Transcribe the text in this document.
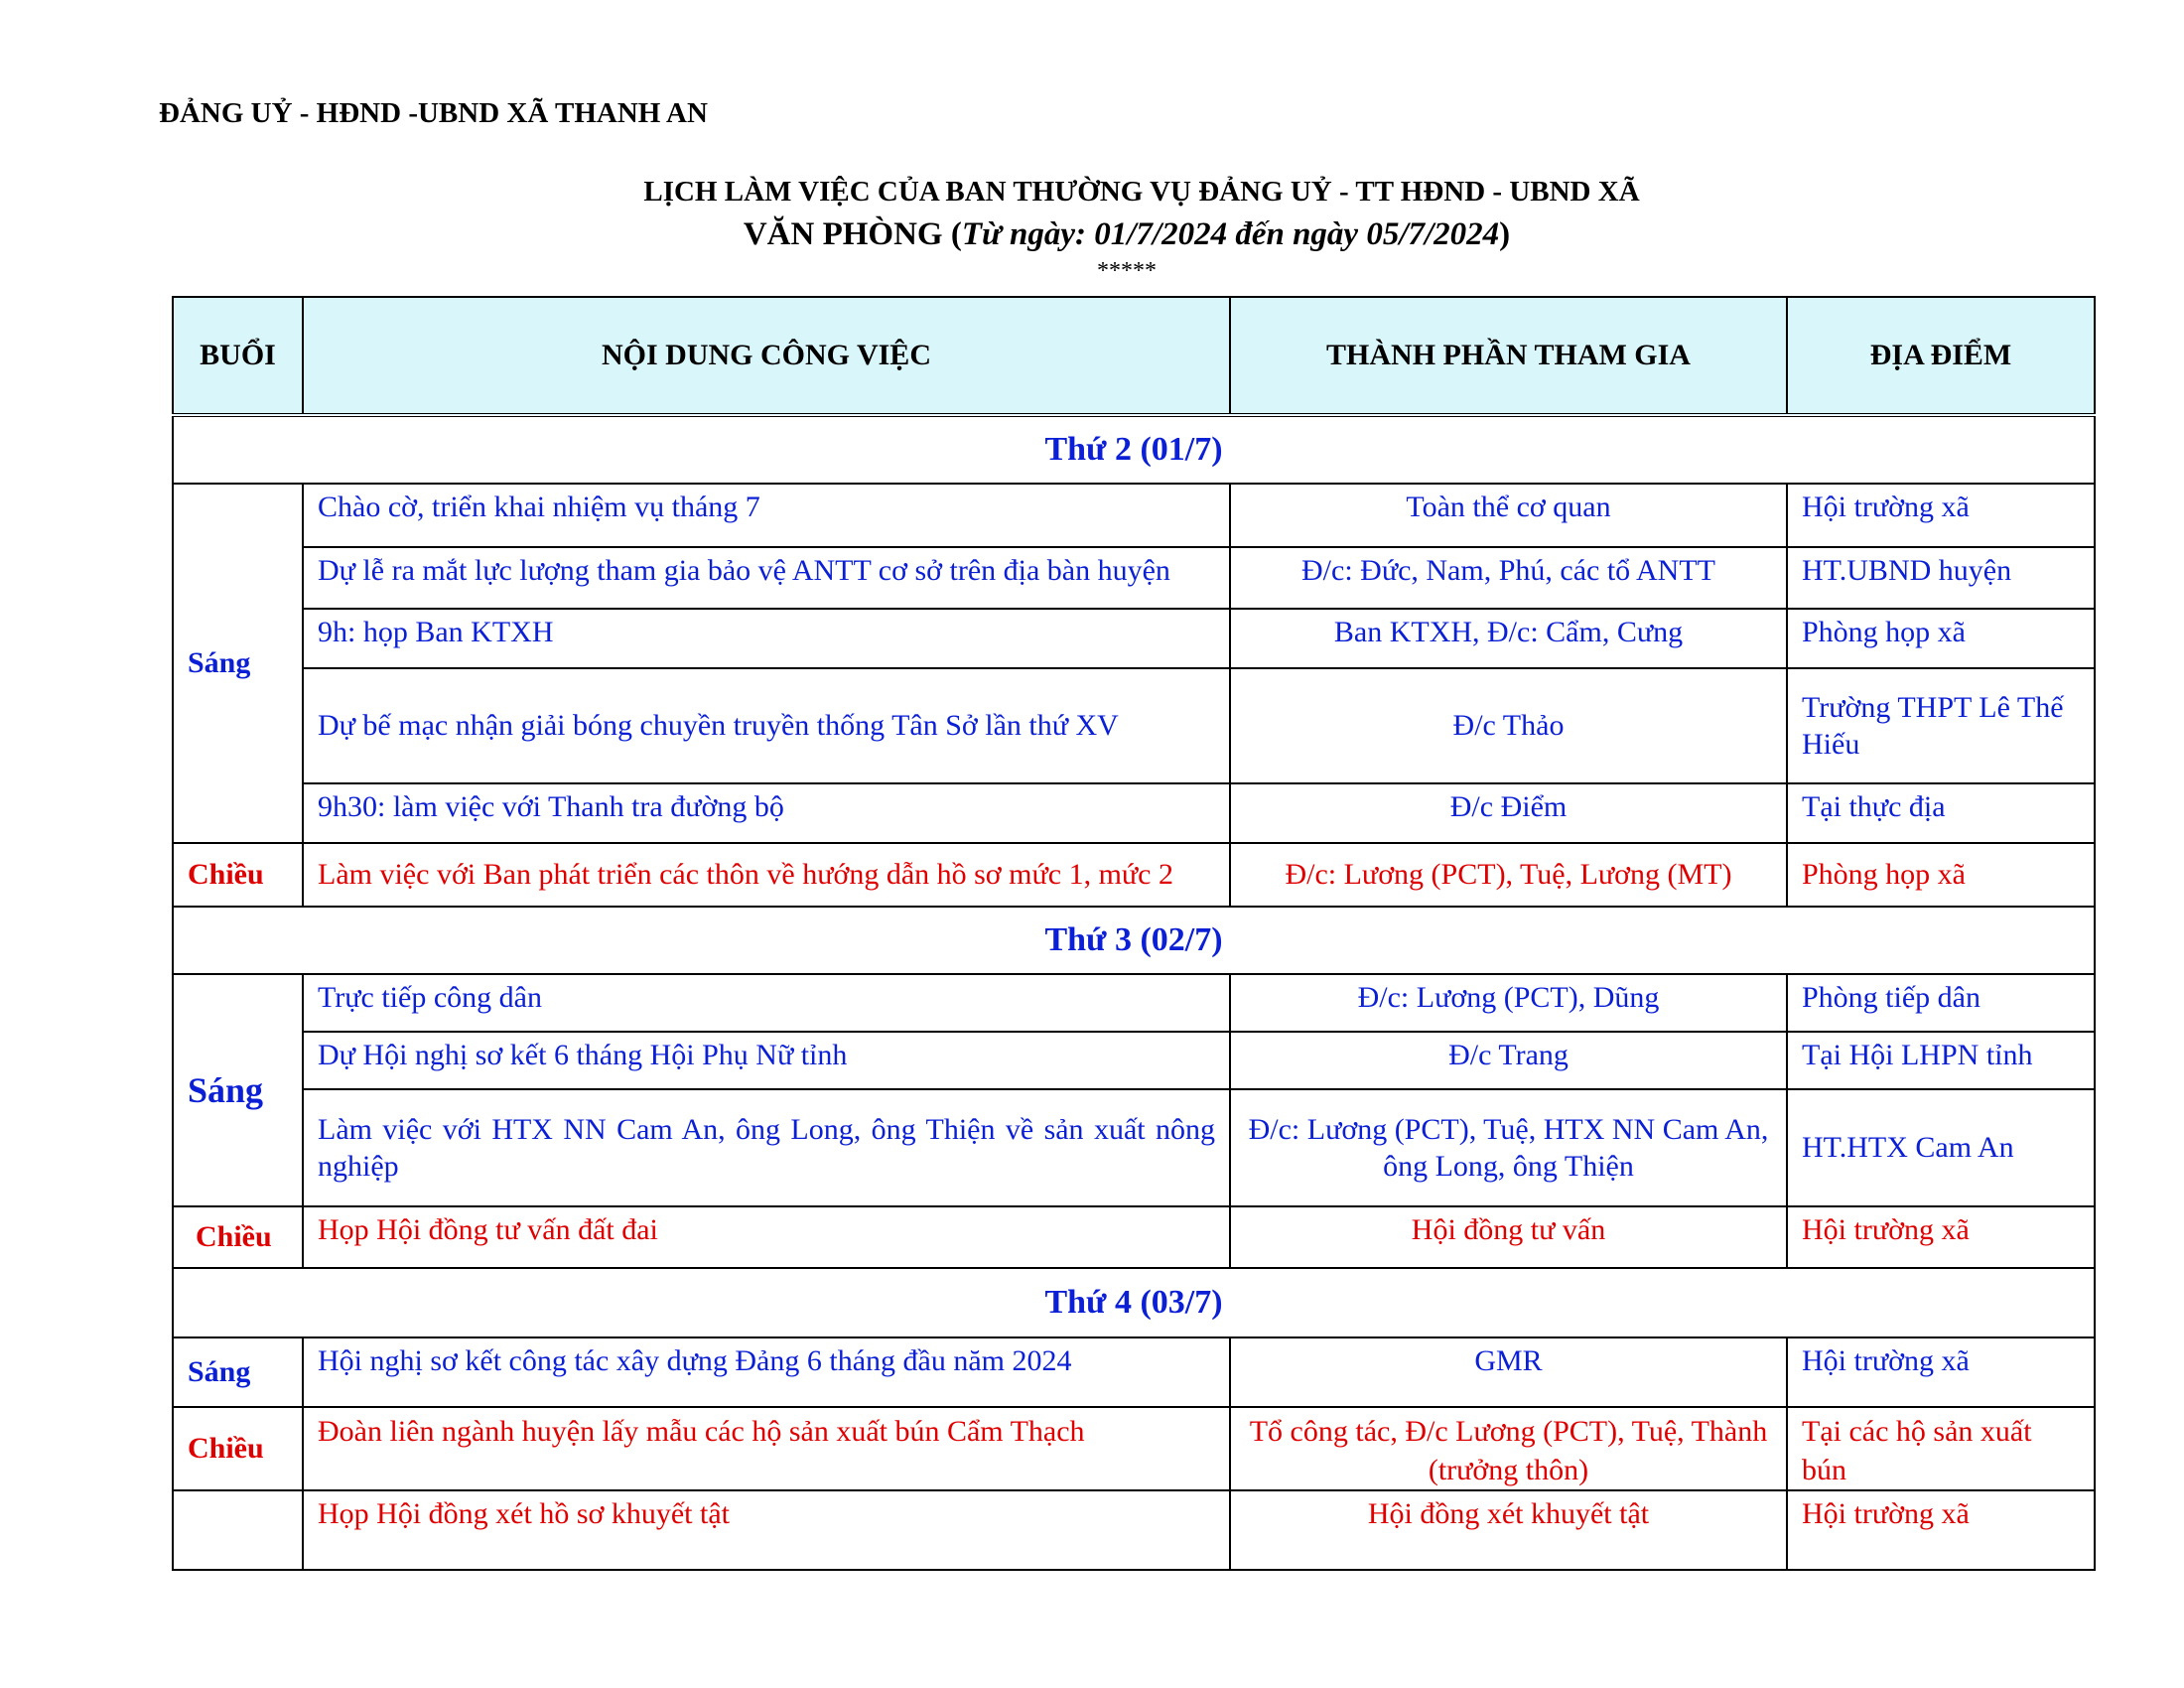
ĐẢNG UỶ - HĐND -UBND XÃ THANH AN
LỊCH LÀM VIỆC CỦA BAN THƯỜNG VỤ ĐẢNG UỶ - TT HĐND - UBND XÃ
VĂN PHÒNG (Từ ngày: 01/7/2024 đến ngày 05/7/2024)
*****
BUỔI	NỘI DUNG CÔNG VIỆC	THÀNH PHẦN THAM GIA	ĐỊA ĐIỂM
Thứ 2 (01/7)			
Sáng	Chào cờ, triển khai nhiệm vụ tháng 7	Toàn thể cơ quan	Hội trường xã
	Dự lễ ra mắt lực lượng tham gia bảo vệ ANTT cơ sở trên địa bàn huyện	Đ/c: Đức, Nam, Phú, các tổ ANTT	HT.UBND huyện
	9h: họp Ban KTXH	Ban KTXH, Đ/c: Cẩm, Cưng	Phòng họp xã
	Dự bế mạc nhận giải bóng chuyền truyền thống Tân Sở lần thứ XV	Đ/c Thảo	Trường THPT Lê Thế Hiếu
	9h30: làm việc với Thanh tra đường bộ	Đ/c Điểm	Tại thực địa
Chiều	Làm việc với Ban phát triển các thôn về hướng dẫn hồ sơ mức 1, mức 2	Đ/c: Lương (PCT), Tuệ, Lương (MT)	Phòng họp xã
Thứ 3 (02/7)			
Sáng	Trực tiếp công dân	Đ/c: Lương (PCT), Dũng	Phòng tiếp dân
	Dự Hội nghị sơ kết 6 tháng Hội Phụ Nữ tỉnh	Đ/c Trang	Tại Hội LHPN tỉnh
	Làm việc với HTX NN Cam An, ông Long, ông Thiện về sản xuất nông nghiệp	Đ/c: Lương (PCT), Tuệ, HTX NN Cam An, ông Long, ông Thiện	HT.HTX Cam An
Chiều	Họp Hội đồng tư vấn đất đai	Hội đồng tư vấn	Hội trường xã
Thứ 4 (03/7)			
Sáng	Hội nghị sơ kết công tác xây dựng Đảng 6 tháng đầu năm 2024	GMR	Hội trường xã
Chiều	Đoàn liên ngành huyện lấy mẫu các hộ sản xuất bún Cẩm Thạch	Tổ công tác, Đ/c Lương (PCT), Tuệ, Thành (trưởng thôn)	Tại các hộ sản xuất bún
	Họp Hội đồng xét hồ sơ khuyết tật	Hội đồng xét khuyết tật	Hội trường xã
